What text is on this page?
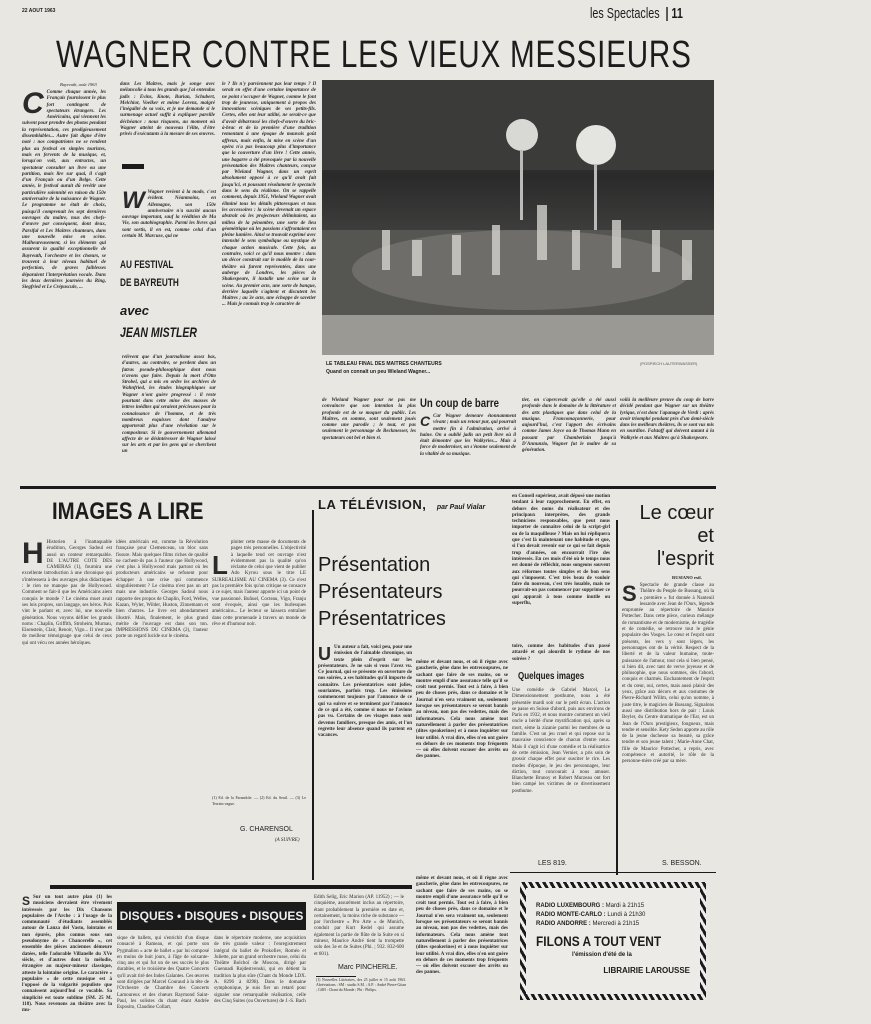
22 AOUT 1963	les Spectacles | 11
WAGNER CONTRE LES VIEUX MESSIEURS
Bayreuth, août 1963
C Comme chaque année, les Français fournissent le plus fort contingent de spectateurs étrangers. Les Américains, qui viennent les suivent pour prendre des photos pendant la représentation, ces prodigieusement dissemblables... Autre fait digne d'être noté : nos compatriotes ne se rendent plus au festival en simples touristes, mais en fervents de la musique, et, lorsqu'on voit, aux entractes, un spectateur consulter un livre ou une partition, mais lire sur quai, il s'agit d'un Français ou d'un Belge. Cette année, le festival aurait dû revêtir une particulière solennité en raison du 150e anniversaire de la naissance de Wagner. Le programme ne était de choix, puisqu'il comprenait les sept dernières ouvrages du maître, tous des chefs-d'œuvre par conséquent, dont deux, Parsifal et Les Maîtres chanteurs, dans une nouvelle mise en scène. Malheureusement, si les éléments qui assurent la qualité exceptionnelle de Bayreuth, l'orchestre et les chœurs, se trouvent à leur niveau habituel de perfection, de graves faiblesses déparaient l'interprétation vocale. Dans les deux dernières journées du Ring, Siegfried et Le Crépuscule, ...
dans Les Maîtres, mais je songe avec mélancolie à tous les grands que j'ai entendus jadis : Evins, Knote, Burian, Schubert, Melchior, Voelker et même Lorenz, malgré l'inégalité de sa voix, et je me demande si le surmenage actuel suffit à expliquer pareille déchéance : nous risquons, au moment où Wagner atteint de nouveau l'élite, d'être privés d'exécutants à la mesure de ses œuvres.
W Wagner revient à la mode, c'est évident. Néanmoins, en Allemagne, son 150e anniversaire n'a suscité aucun ouvrage important, sauf la réédition de Ma Vie, son autobiographie. Parmi les livres qui sont sortis, il en est, comme celui d'un certain M. Marcuse, qui ne
AU FESTIVAL
DE BAYREUTH
avec
JEAN MISTLER
relèvent que d'un journalisme assez bas, d'autres, au contraire, se perdent dans un fatras pseudo-philosophique dont nous n'avons que faire. Depuis la mort d'Otto Strobel, qui a mis en ordre les archives de Wahnfried, les études biographiques sur Wagner n'ont guère progressé : il reste pourtant dans cette mine des masses de lettres inédites qui seraient précieuses pour la connaissance de l'homme, et de très nombreux esquisses dont l'analyse apporterait plus d'une révélation sur le compositeur. Si le gouvernement allemand affecte de se désintéresser de Wagner laissé sur les arts et par les gens qui se cherchent un
le ? Ils n'y parviennent pas leur temps ? Il serait en effet d'une certaine importance de ne point s'occuper de Wagner, comme le font trop de jeunesse, uniquement à propos des innovations scéniques de ses petits-fils. Certes, elles ont leur utilité, ne serait-ce que d'avoir débarrassé les chefs-d'œuvre du bric-à-brac et de la première d'une tradition remontant à une époque de mauvais goût affreux, mais enfin, la mise en scène d'un opéra n'a pas beaucoup plus d'importance que la couverture d'un livre ! Cette année, une bagarre a été provoquée par la nouvelle présentation des Maîtres chanteurs, conçue par Wieland Wagner, dans un esprit absolument opposé à ce qu'il avait fait jusqu'ici, et poussant résolument le spectacle dans le sens du réalisme. On se rappelle comment, depuis 1951, Wieland Wagner avait éliminé tous les détails pittoresques et tous les accessoires : la scène devenait un espace abstrait où les projecteurs délimitaient, au milieu de la pénombre, une sorte de lieu géométrique où les passions s'affrontaient en pleine lumière. Ainsi se trouvait exprimé avec intensité le sens symbolique ou mystique de chaque action musicale. Cette fois, au contraire, voici ce qu'il nous montre : dans un décor construit sur le modèle de la cour-théâtre où furent représentées, dans une auberge de Londres, les pièces de Shakespeare, il installe une scène sur la scène. Au premier acte, une sorte de banque, derrière laquelle s'agitent et discutent les Maîtres ; au 3e acte, une échoppe de savetier ... Mais je connais trop le caractère de
LE TABLEAU FINAL DES MAITRES CHANTEURS
Quand on connaît un peu Wieland Wagner...
(POSPIECH LAUTERWASSER)
de Wieland Wagner pour ne pas me convaincre que son intention la plus profonde est de se moquer du public. Les Maîtres, en somme, sont seulement joués comme une parodie ; le tout, et pas seulement le personnage de Beckmesser, les spectateurs ont bel et bien ri.
Un coup de barre
C Car Wagner demeure étonnamment vivant ; mais un retour pur, qui pourrait mettre fin à l'admiration, arrivé à haine. On a oublié jadis un petit livre où il était démontré que les Walkyries... Mais à force de moderniser, on s'étonne seulement de la vitalité de sa musique.
tier, on s'apercevait qu'elle a été aussi profonde dans le domaine de la littérature et des arts plastiques que dans celui de la musique. Francomaçonnerie, pour aujourd'hui, c'est l'apport des écrivains comme James Joyce ou de Thomas Mann en passant par Chamberlain jusqu'à D'Annunzio, Wagner fut le maître de sa génération.
voilà la meilleure preuve du coup de barre décidé pendant que Wagner sur un théâtre lyrique, n'est donc l'apanage de Verdi : après avoir triomphé pendant près d'un demi-siècle dans les meilleurs théâtres, ils se sont vus mis en sourdine. Falstaff qui doivent autant à la Walkyrie et aux Maîtres qu'à Shakespeare.
IMAGES A LIRE
H Historien à l'inattaquable érudition, Georges Sadoul est aussi un conteur remarquable. DE L'AUTRE COTE DES CAMERAS (1), fournira une excellente introduction à une chronique qui s'intéressera à des ouvrages plus didactiques : le rien ne manque pas de Hollywood. Comment se fait-il que les Américains aient conquis le monde ? Le cinéma muet avait ses lois propres, son langage, ses héros. Puis vint le parlant et, avec lui, une nouvelle génération. Nous voyons défiler les grands noms : Chaplin, Griffith, Stroheim, Murnau, Eisenstein, Clair, Renoir, Vigo... Il n'est pas de meilleur témoignage que celui de ceux qui ont vécu ces années héroïques.
idées américain est, comme la Révolution française pour Clemenceau, un bloc sans fissure. Mais quelques films riches de qualité ne cachent-ils pas à l'auteur que Hollywood, c'est plus à Hollywood mais partout où les producteurs américains se refusent pour échapper à une crise qui commence singulièrement ? Le cinéma n'est pas un art mais une industrie. Georges Sadoul nous rapporte des propos de Chaplin, Ford, Welles, Kazan, Wyler, Wilder, Huston, Zinnemann et bien d'autres. Le livre est abondamment illustré. Mais, finalement, le plus grand mérite de l'ouvrage est dans son ton. IMPRESSIONS DU CINEMA (2), l'auteur porte un regard lucide sur le cinéma.
L
ploiter cette masse de documents de pages très personnelles. L'objectivité à laquelle tend cet ouvrage n'est évidemment pas la qualité qu'on réclame de celui que vient de publier Ado Kyrou sous le titre LE SURREALISME AU CINEMA (3). Ce n'est pas la première fois qu'un critique se consacre à ce sujet, mais l'auteur apporte ici un point de vue passionné. Buñuel, Cocteau, Vigo, Franju sont évoqués, ainsi que les burlesques américains... Le lecteur se laissera entraîner dans cette promenade à travers un monde de rêve et d'humour noir.
G. CHARENSOL
(A SUIVRE)
(1) Ed. de la Farandole. — (2) Ed. du Seuil. — (3) Le Terrain vague.
LA TÉLÉVISION, par Paul Vialar
Présentation
Présentateurs
Présentatrices
en Conseil supérieur, avait déposé une motion tendant à leur rapprochement. En effet, en dehors des noms du réalisateur et des principaux interprètes, des grands techniciens responsables, que peut nous importer de connaître celui de la script-girl ou de la maquilleuse ? Mais on lui répliquera que c'est là maintenant une habitude et que, si l'on devait revenir sur ce qui se fait depuis trop d'années, on encourrait l'ire des intéressés. En ces mois d'été où le temps nous est donné de réfléchir, nous songeons souvent aux réformes toutes simples et de bon sens qui s'imposent. C'est très beau de vouloir faire du nouveau, c'est très louable, mais ne pourrait-on pas commencer par supprimer ce qui apparaît à tous comme inutile ou superflu,
U Un auteur a fait, voici peu, pour une émission de l'aimable chronique, un texte plein d'esprit sur les présentateurs. Je ne sais si vous l'avez vu. Ce journal, qui se présente en ouverture de nos soirées, a ses habitudes qu'il importe de connaître. Les présentatrices sont jolies, souriantes, parfois trop. Les émissions commencent toujours par l'annonce de ce qui va suivre et se terminent par l'annonce de ce qui a été, comme si nous ne l'avions pas vu. Certains de ces visages nous sont devenus familiers, presque des amis, et l'on regrette leur absence quand ils partent en vacances.
même et devant nous, et où il règne avec gaucherie, gêne dans les entrecoupures, ne sachant que faire de ses mains, ou se montre empli d'une assurance telle qu'il se croit tout permis. Tout est à faire, à bien peu de choses près, dans ce domaine et le Journal n'en sera vraiment un, seulement lorsque ses présentateurs se seront bannis au niveau, non pas des vedettes, mais des informateurs. Cela nous amène tout naturellement à parler des présentatrices (dites speakerines) et à nous inquiéter sur leur utilité. A vrai dire, elles n'en ont guère en dehors de ces moments trop fréquents — où elles doivent excuser des arrêts ou des pannes.
toire, comme des habitudes d'un passé attardé et qui alourdit le rythme de nos soirées ?
Quelques images
Une comédie de Gabriel Marcel, Le Dimensionnement posthume, nous a été présentée mardi soir sur le petit écran. L'action se passe en Suisse d'abord, puis aux environs de Paris en 1932, et nous montre comment un vieil oncle a hérité d'une mystification qui, après sa mort, sème la zizanie parmi les membres de sa famille. C'est un jeu cruel et qui repose sur la mauvaise conscience de chacun d'entre nous. Mais il s'agit ici d'une comédie et la réalisatrice de cette émission, Jean Vernier, a pris soin de grossir chaque effet pour susciter le rire. Les modes d'époque, le jeu des personnages, leur diction, tout concourait à nous amuser. Blanchette Brunoy et Robert Murzeau ont fort bien campé les victimes de ce divertissement posthume.
LES 819.
Le cœur
et
l'esprit
RUSIANO exil.
S Spectacle de grande classe au Théâtre du Peuple de Bussang, où la « première » fut donnée à Nanteuil lessarde avec Jean de l'Ours, légende empruntée au répertoire de Maurice Pottecher. Dans cette pièce, curieux mélange de romantisme et de modernisme, de tragédie et de comédie, se retrouve tout le génie populaire des Vosges. Le cœur et l'esprit sont présents, les vers y sont légers, les personnages ont de la vérité. Respect de la liberté et de la valeur humaine, toute-puissance de l'amour, tout cela si bien pensé, si bien dit, avec tant de verve joyeuse et de philosophie, que nous sommes, dès l'abord, conquis et charmés. Enchantement de l'esprit et du cœur, oui, certes, mais aussi plaisir des yeux, grâce aux décors et aux costumes de Pierre-Richard Willm, celui qu'on nomme, à juste titre, le magicien de Bussang. Signalons aussi une distribution hors de pair : Louis Beyler, du Centre dramatique de l'Est, est un Jean de l'Ours prestigieux, fougueux, mais tendre et sensible. Kety Sedon apporte au rôle de la jeune duchesse sa beauté, sa grâce tendre et son jeune talent ; Marie-Anne Chat, fille de Maurice Pottecher, a repris, avec compétence et autorité, le rôle de la personne-mère créé par sa mère.
S. BESSON.
S Sur un tout autre plan (1) les musiciens devraient être vivement intéressés par les Dix Chansons populaires de l'Arche : à l'usage de la communauté d'étudiants assemblés autour de Lanza del Vasto, lointains et non épurés, plus connus sous son pseudonyme de « Chancerelle », cet ensemble des pièces anciennes démeure datées, telle l'adorable Villanelle du XVe siècle, et d'autres dont la mélodie, étrangère au majeur-mineur classique, atteste la lointaine origine. Le caractère « populaire » de cette musique est à l'opposé de la vulgarité populiste que connaissent aujourd'hui ce vocable. Sa simplicité est toute sublime (SM. 25 M. 118). Nous revenons au théâtre avec la mu-
DISQUES • DISQUES • DISQUES
sique de ballets, qui s'enrichit d'un disque consacré à Rameau, et qui porte son Pygmalion « acte de ballet » par lui composé en moins de huit jours, à l'âge de soixante-cinq ans et qui fut un de ses succès le plus durables, et le troisième des Quatre Concerts qu'il avait tiré des Indes Galantes. Ces œuvres sont dirigées par Marcel Couraud à la tête de l'Orchestre de Chambre des Concerts Lamoureux et des chœurs Raymond Saint-Paul, les solistes du chant étant Andrée Esposito, Claudine Collart,
dans le répertoire moderne, une acquisition de très grande valeur : l'enregistrement intégral du ballet de Prokofiev, Roméo et Juliette, par un grand orchestre russe, celui du Théâtre Bolchoï de Moscou, dirigé par Guennadi Rojdestvenski, qui en détient la tradition la plus sûre (Chant du Monde LDX. A. 8296 à 8298). Dans le domaine symphonique, je suis fier un retard pour signaler une remarquable réalisation, celle des Cinq Suites (ou Ouvertures) de J.-S. Bach
Edith Selig, Eric Marion (AP. 11952) ; — le cinquième, assurément inclus au répertoire, étant probablement la première en date et, certainement, la moins riche de substance — par l'orchestre « Pro Arte » de Munich, conduit par Kurt Redel qui assume également la partie de flûte de la Suite en si mineur, Maurice André tient la trompette solo des 3e et 4e Suites (Phi. ; 932. 832-600 et 601).
Marc PINCHERLE.
(1) Nouvelles Littéraires, des 25 juillet et 15 août 1963. Abréviations : SM : studio S.M. ; A.P. : André Pierre-Gitan ; CdM : Chant du Monde ; Phi : Philips.
même et devant nous, et où il règne avec gaucherie, gêne dans les entrecoupures, ne sachant que faire de ses mains, ou se montre empli d'une assurance telle qu'il se croit tout permis. Tout est à faire, à bien peu de choses près, dans ce domaine et le Journal n'en sera vraiment un, seulement lorsque ses présentateurs se seront bannis au niveau, non pas des vedettes, mais des informateurs. Cela nous amène tout naturellement à parler des présentatrices (dites speakerines) et à nous inquiéter sur leur utilité. A vrai dire, elles n'en ont guère en dehors de ces moments trop fréquents — où elles doivent excuser des arrêts ou des pannes.
RADIO LUXEMBOURG : Mardi à 21h15
RADIO MONTE-CARLO : Lundi à 21h30
RADIO ANDORRE : Mercredi à 21h15
FILONS A TOUT VENT
l'émission d'été de la
LIBRAIRIE LAROUSSE
